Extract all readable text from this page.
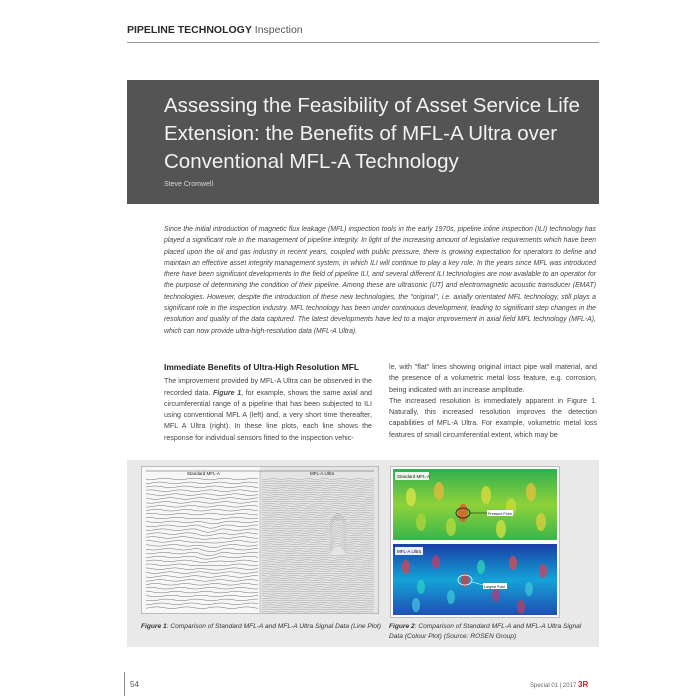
PIPELINE TECHNOLOGY Inspection
Assessing the Feasibility of Asset Service Life Extension: the Benefits of MFL-A Ultra over Conventional MFL-A Technology
Steve Cromwell
Since the initial introduction of magnetic flux leakage (MFL) inspection tools in the early 1970s, pipeline inline inspection (ILI) technology has played a significant role in the management of pipeline integrity. In light of the increasing amount of legislative requirements which have been placed upon the oil and gas industry in recent years, coupled with public pressure, there is growing expectation for operators to define and maintain an effective asset integrity management system, in which ILI will continue to play a key role. In the years since MFL was introduced there have been significant developments in the field of pipeline ILI, and several different ILI technologies are now available to an operator for the purpose of determining the condition of their pipeline. Among these are ultrasonic (UT) and electromagnetic acoustic transducer (EMAT) technologies. However, despite the introduction of these new technologies, the "original", i.e. axially orientated MFL technology, still plays a significant role in the inspection industry. MFL technology has been under continuous development, leading to significant step changes in the resolution and quality of the data captured. The latest developments have led to a major improvement in axial field MFL technology (MFL-A), which can now provide ultra-high-resolution data (MFL-A Ultra).
Immediate Benefits of Ultra-High Resolution MFL

The improvement provided by MFL-A Ultra can be observed in the recorded data. Figure 1, for example, shows the same axial and circumferential range of a pipeline that has been subjected to ILI using conventional MFL A (left) and, a very short time thereafter, MFL A Ultra (right). In these line plots, each line shows the response for individual sensors fitted to the inspection vehic-

le, with "flat" lines showing original intact pipe wall material, and the presence of a volumetric metal loss feature, e.g. corrosion, being indicated with an increase amplitude.

The increased resolution is immediately apparent in Figure 1. Naturally, this increased resolution improves the detection capabilities of MFL-A Ultra. For example, volumetric metal loss features of small circumferential extent, which may be

Standard MFL-A	MFL-A Ultra
Standard MFL-A
MFL-A Ultra
Pressure Point
Largest Point
Figure 1: Comparison of Standard MFL-A and MFL-A Ultra Signal Data (Line Plot) Figure 2: Comparison of Standard MFL-A and MFL-A Ultra Signal Data (Colour Plot) (Source: ROSEN Group)
54	Special 01 | 2017 3R
